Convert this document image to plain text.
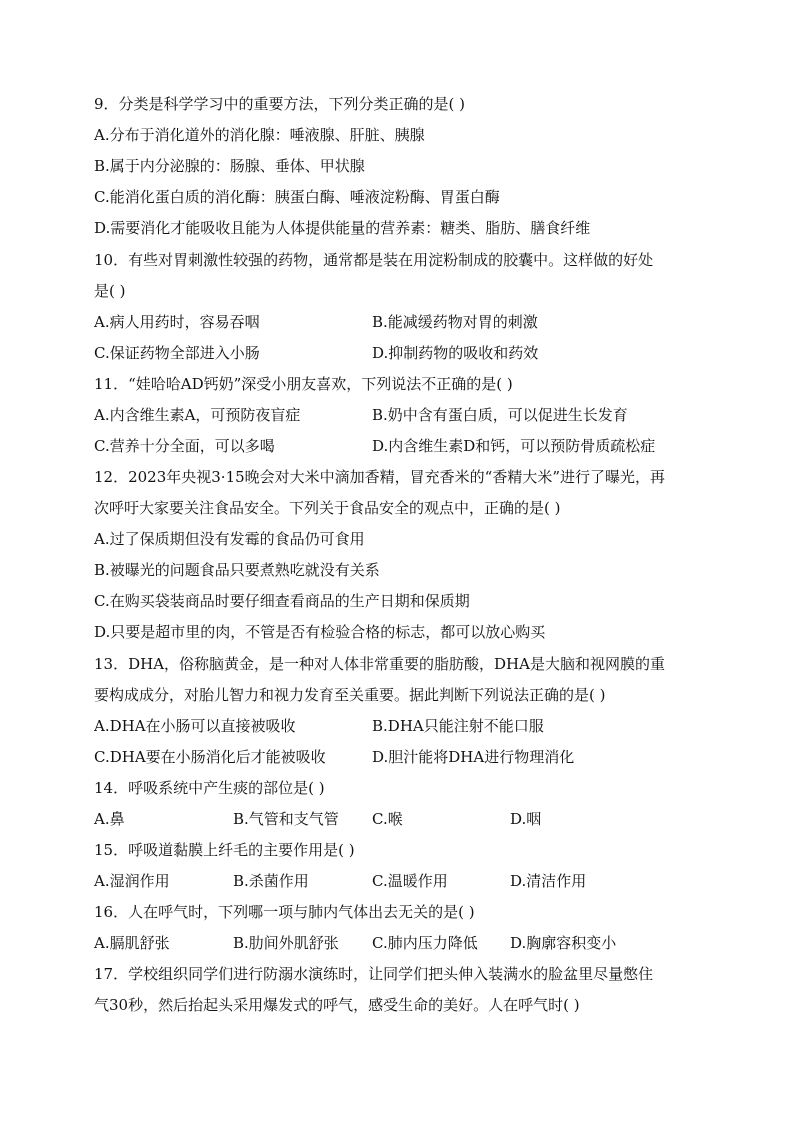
9．分类是科学学习中的重要方法，下列分类正确的是( )
A.分布于消化道外的消化腺：唾液腺、肝脏、胰腺
B.属于内分泌腺的：肠腺、垂体、甲状腺
C.能消化蛋白质的消化酶：胰蛋白酶、唾液淀粉酶、胃蛋白酶
D.需要消化才能吸收且能为人体提供能量的营养素：糖类、脂肪、膳食纤维
10．有些对胃刺激性较强的药物，通常都是装在用淀粉制成的胶囊中。这样做的好处
是( )
A.病人用药时，容易吞咽	B.能减缓药物对胃的刺激
C.保证药物全部进入小肠	D.抑制药物的吸收和药效
11．“娃哈哈AD钙奶”深受小朋友喜欢，下列说法不正确的是( )
A.内含维生素A，可预防夜盲症	B.奶中含有蛋白质，可以促进生长发育
C.营养十分全面，可以多喝	D.内含维生素D和钙，可以预防骨质疏松症
12．2023年央视3·15晚会对大米中滴加香精，冒充香米的“香精大米”进行了曝光，再
次呼吁大家要关注食品安全。下列关于食品安全的观点中，正确的是( )
A.过了保质期但没有发霉的食品仍可食用
B.被曝光的问题食品只要煮熟吃就没有关系
C.在购买袋装商品时要仔细查看商品的生产日期和保质期
D.只要是超市里的肉，不管是否有检验合格的标志，都可以放心购买
13．DHA，俗称脑黄金，是一种对人体非常重要的脂肪酸，DHA是大脑和视网膜的重
要构成成分，对胎儿智力和视力发育至关重要。据此判断下列说法正确的是( )
A.DHA在小肠可以直接被吸收	B.DHA只能注射不能口服
C.DHA要在小肠消化后才能被吸收	D.胆汁能将DHA进行物理消化
14．呼吸系统中产生痰的部位是( )
A.鼻	B.气管和支气管 C.喉	D.咽
15．呼吸道黏膜上纤毛的主要作用是( )
A.湿润作用	B.杀菌作用	C.温暖作用	D.清洁作用
16．人在呼气时，下列哪一项与肺内气体出去无关的是( )
A.膈肌舒张	B.肋间外肌舒张 C.肺内压力降低 D.胸廓容积变小
17．学校组织同学们进行防溺水演练时，让同学们把头伸入装满水的脸盆里尽量憋住
气30秒，然后抬起头采用爆发式的呼气，感受生命的美好。人在呼气时( )
